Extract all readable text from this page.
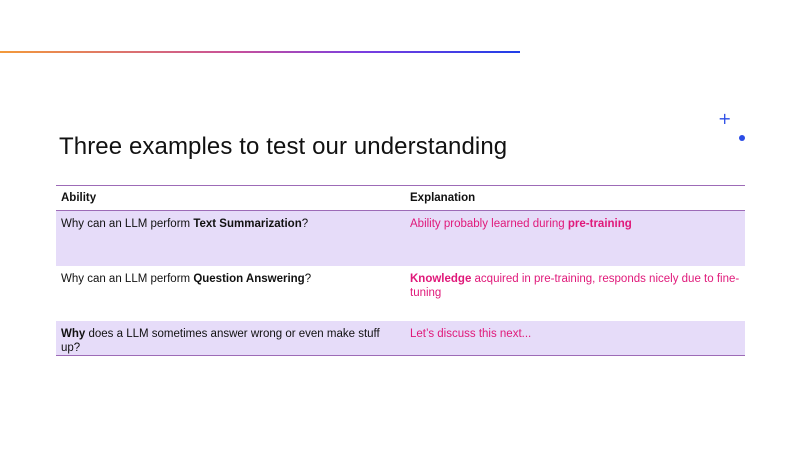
+
Three examples to test our understanding
Ability	Explanation
Why can an LLM perform Text Summarization?	Ability probably learned during pre-training
Why can an LLM perform Question Answering?	Knowledge acquired in pre-training, responds nicely due to fine-tuning
Why does a LLM sometimes answer wrong or even make stuff up?	Let’s discuss this next...
